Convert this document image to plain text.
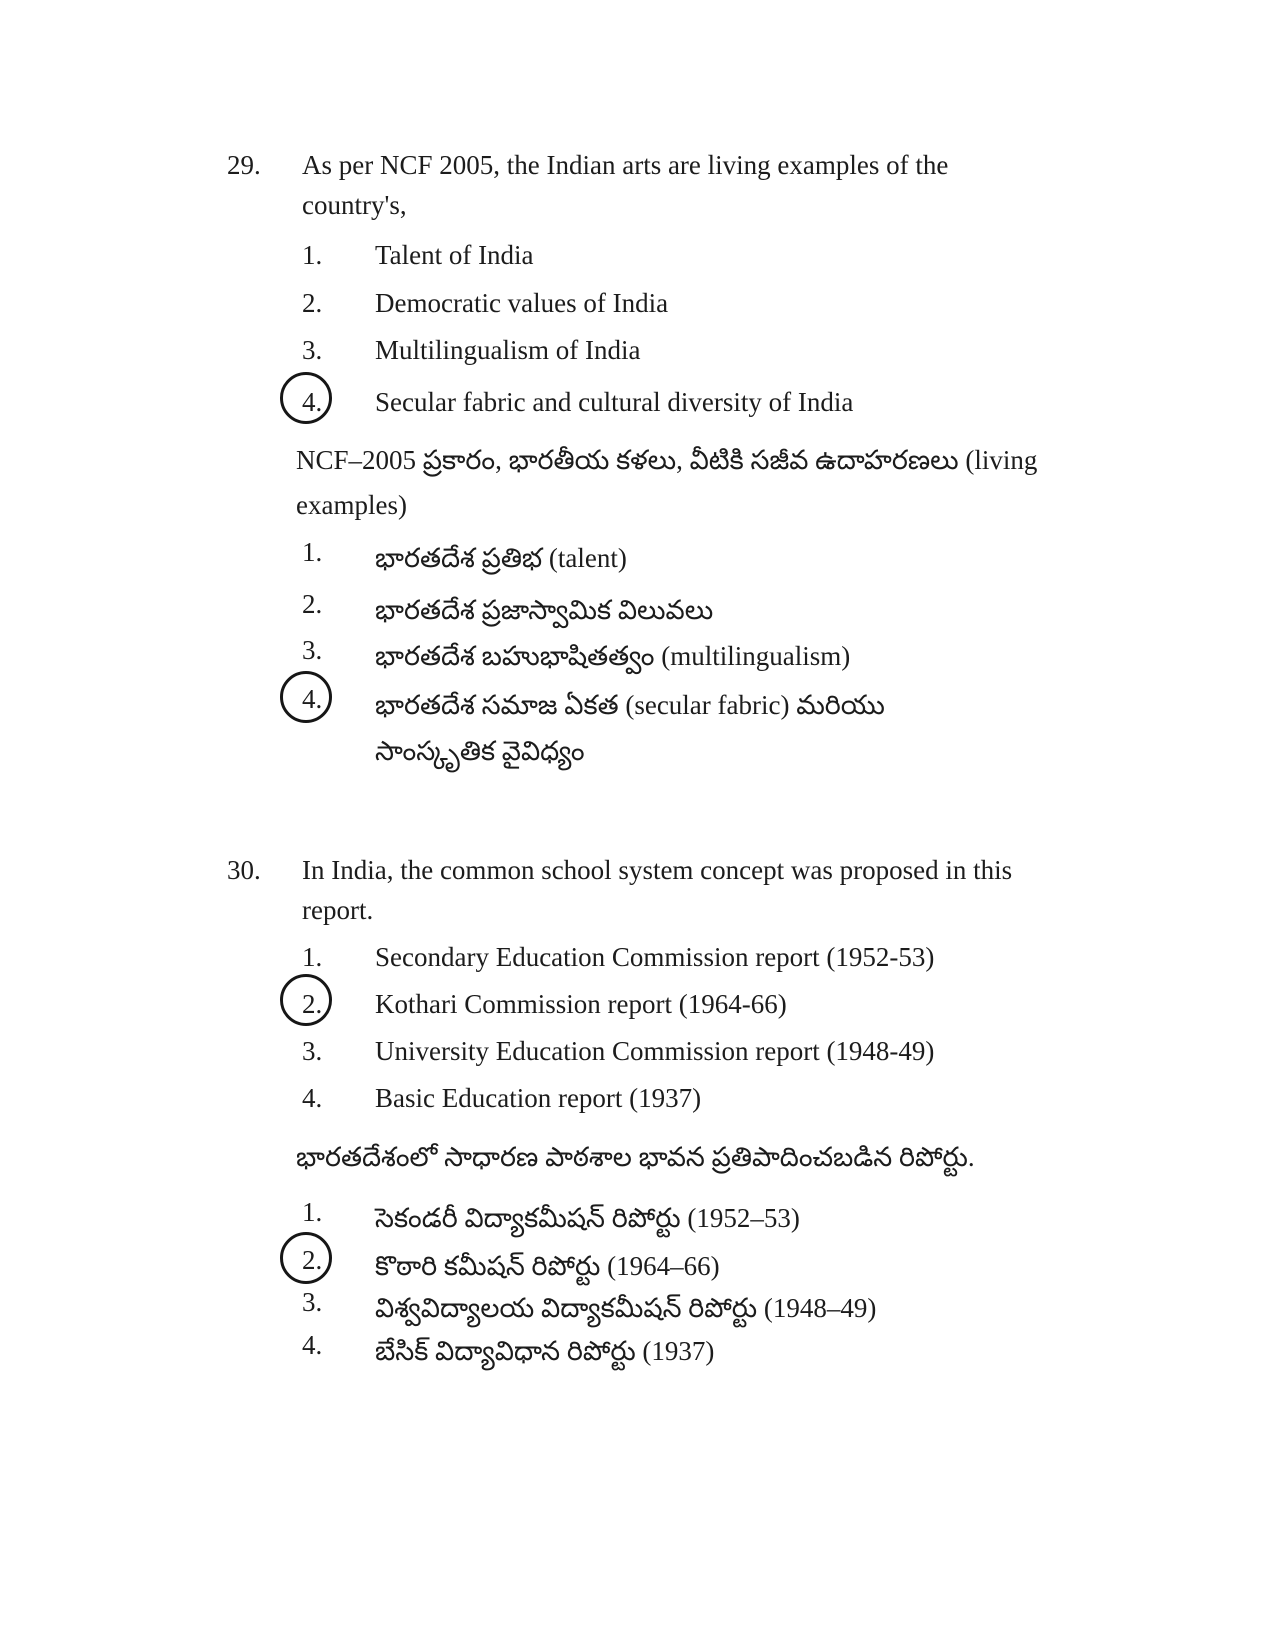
29. As per NCF 2005, the Indian arts are living examples of the country's,
1. Talent of India
2. Democratic values of India
3. Multilingualism of India
4. Secular fabric and cultural diversity of India
NCF–2005 ప్రకారం, భారతీయ కళలు, వీటికి సజీవ ఉదాహరణలు (living examples)
1. భారతదేశ ప్రతిభ (talent)
2. భారతదేశ ప్రజాస్వామిక విలువలు
3. భారతదేశ బహుభాషితత్వం (multilingualism)
4. భారతదేశ సమాజ ఏకత (secular fabric) మరియు సాంస్కృతిక వైవిధ్యం
30. In India, the common school system concept was proposed in this report.
1. Secondary Education Commission report (1952-53)
2. Kothari Commission report (1964-66)
3. University Education Commission report (1948-49)
4. Basic Education report (1937)
భారతదేశంలో సాధారణ పాఠశాల భావన ప్రతిపాదించబడిన రిపోర్టు.
1. సెకండరీ విద్యాకమీషన్ రిపోర్టు (1952–53)
2. కొఠారి కమీషన్ రిపోర్టు (1964–66)
3. విశ్వవిద్యాలయ విద్యాకమీషన్ రిపోర్టు (1948–49)
4. బేసిక్ విద్యావిధాన రిపోర్టు (1937)
